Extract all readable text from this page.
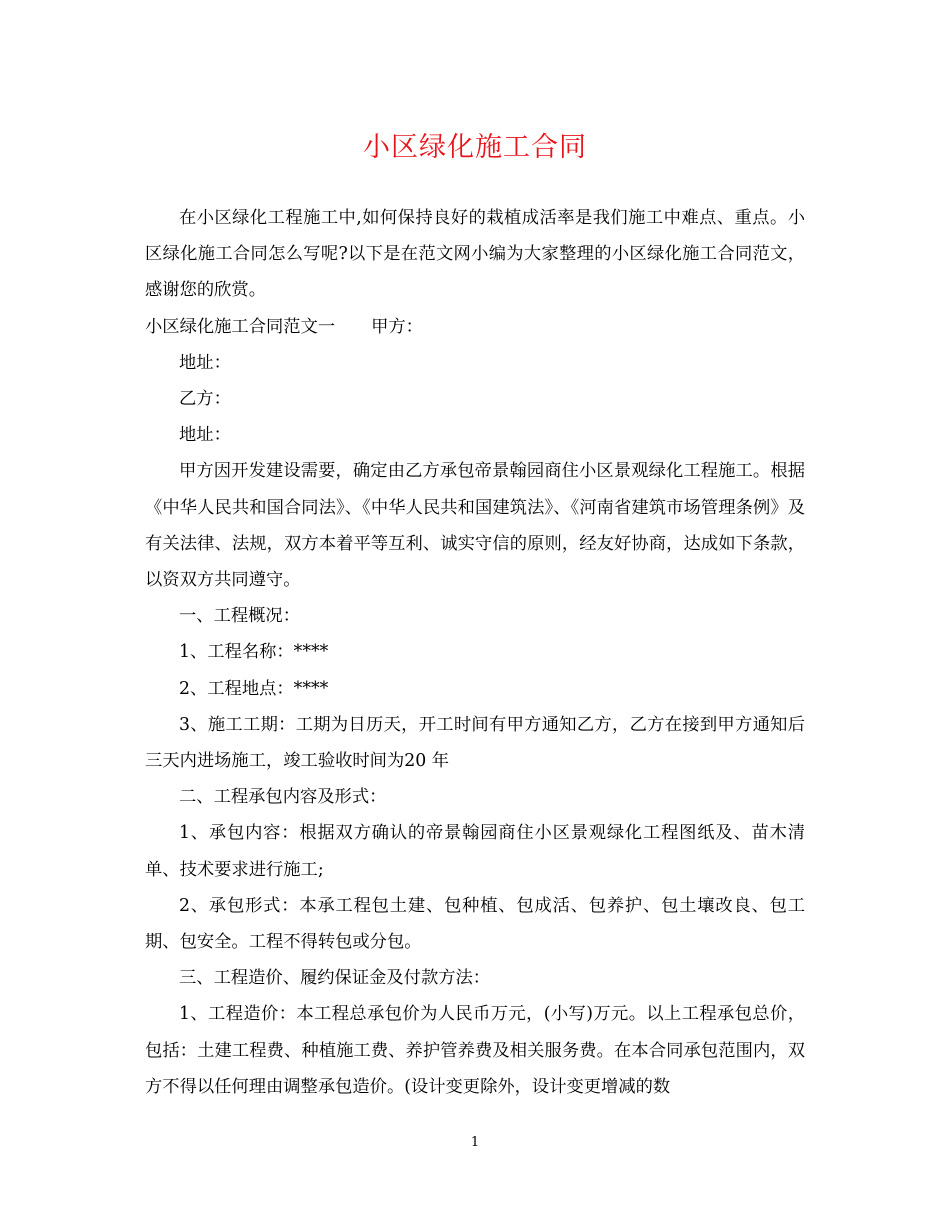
小区绿化施工合同

在小区绿化工程施工中,如何保持良好的栽植成活率是我们施工中难点、重点。小区绿化施工合同怎么写呢?以下是在范文网小编为大家整理的小区绿化施工合同范文，感谢您的欣赏。

小区绿化施工合同范文一 甲方：

地址：

乙方：

地址：

甲方因开发建设需要，确定由乙方承包帝景翰园商住小区景观绿化工程施工。根据《中华人民共和国合同法》、《中华人民共和国建筑法》、《河南省建筑市场管理条例》及有关法律、法规，双方本着平等互利、诚实守信的原则，经友好协商，达成如下条款，以资双方共同遵守。

一、工程概况：

1、工程名称：****

2、工程地点：****

3、施工工期：工期为日历天，开工时间有甲方通知乙方，乙方在接到甲方通知后三天内进场施工，竣工验收时间为20 年

二、工程承包内容及形式：

1、承包内容：根据双方确认的帝景翰园商住小区景观绿化工程图纸及、苗木清单、技术要求进行施工;

2、承包形式：本承工程包土建、包种植、包成活、包养护、包土壤改良、包工期、包安全。工程不得转包或分包。

三、工程造价、履约保证金及付款方法：

1、工程造价：本工程总承包价为人民币万元，(小写)万元。以上工程承包总价，包括：土建工程费、种植施工费、养护管养费及相关服务费。在本合同承包范围内，双方不得以任何理由调整承包造价。(设计变更除外，设计变更增减的数

1
